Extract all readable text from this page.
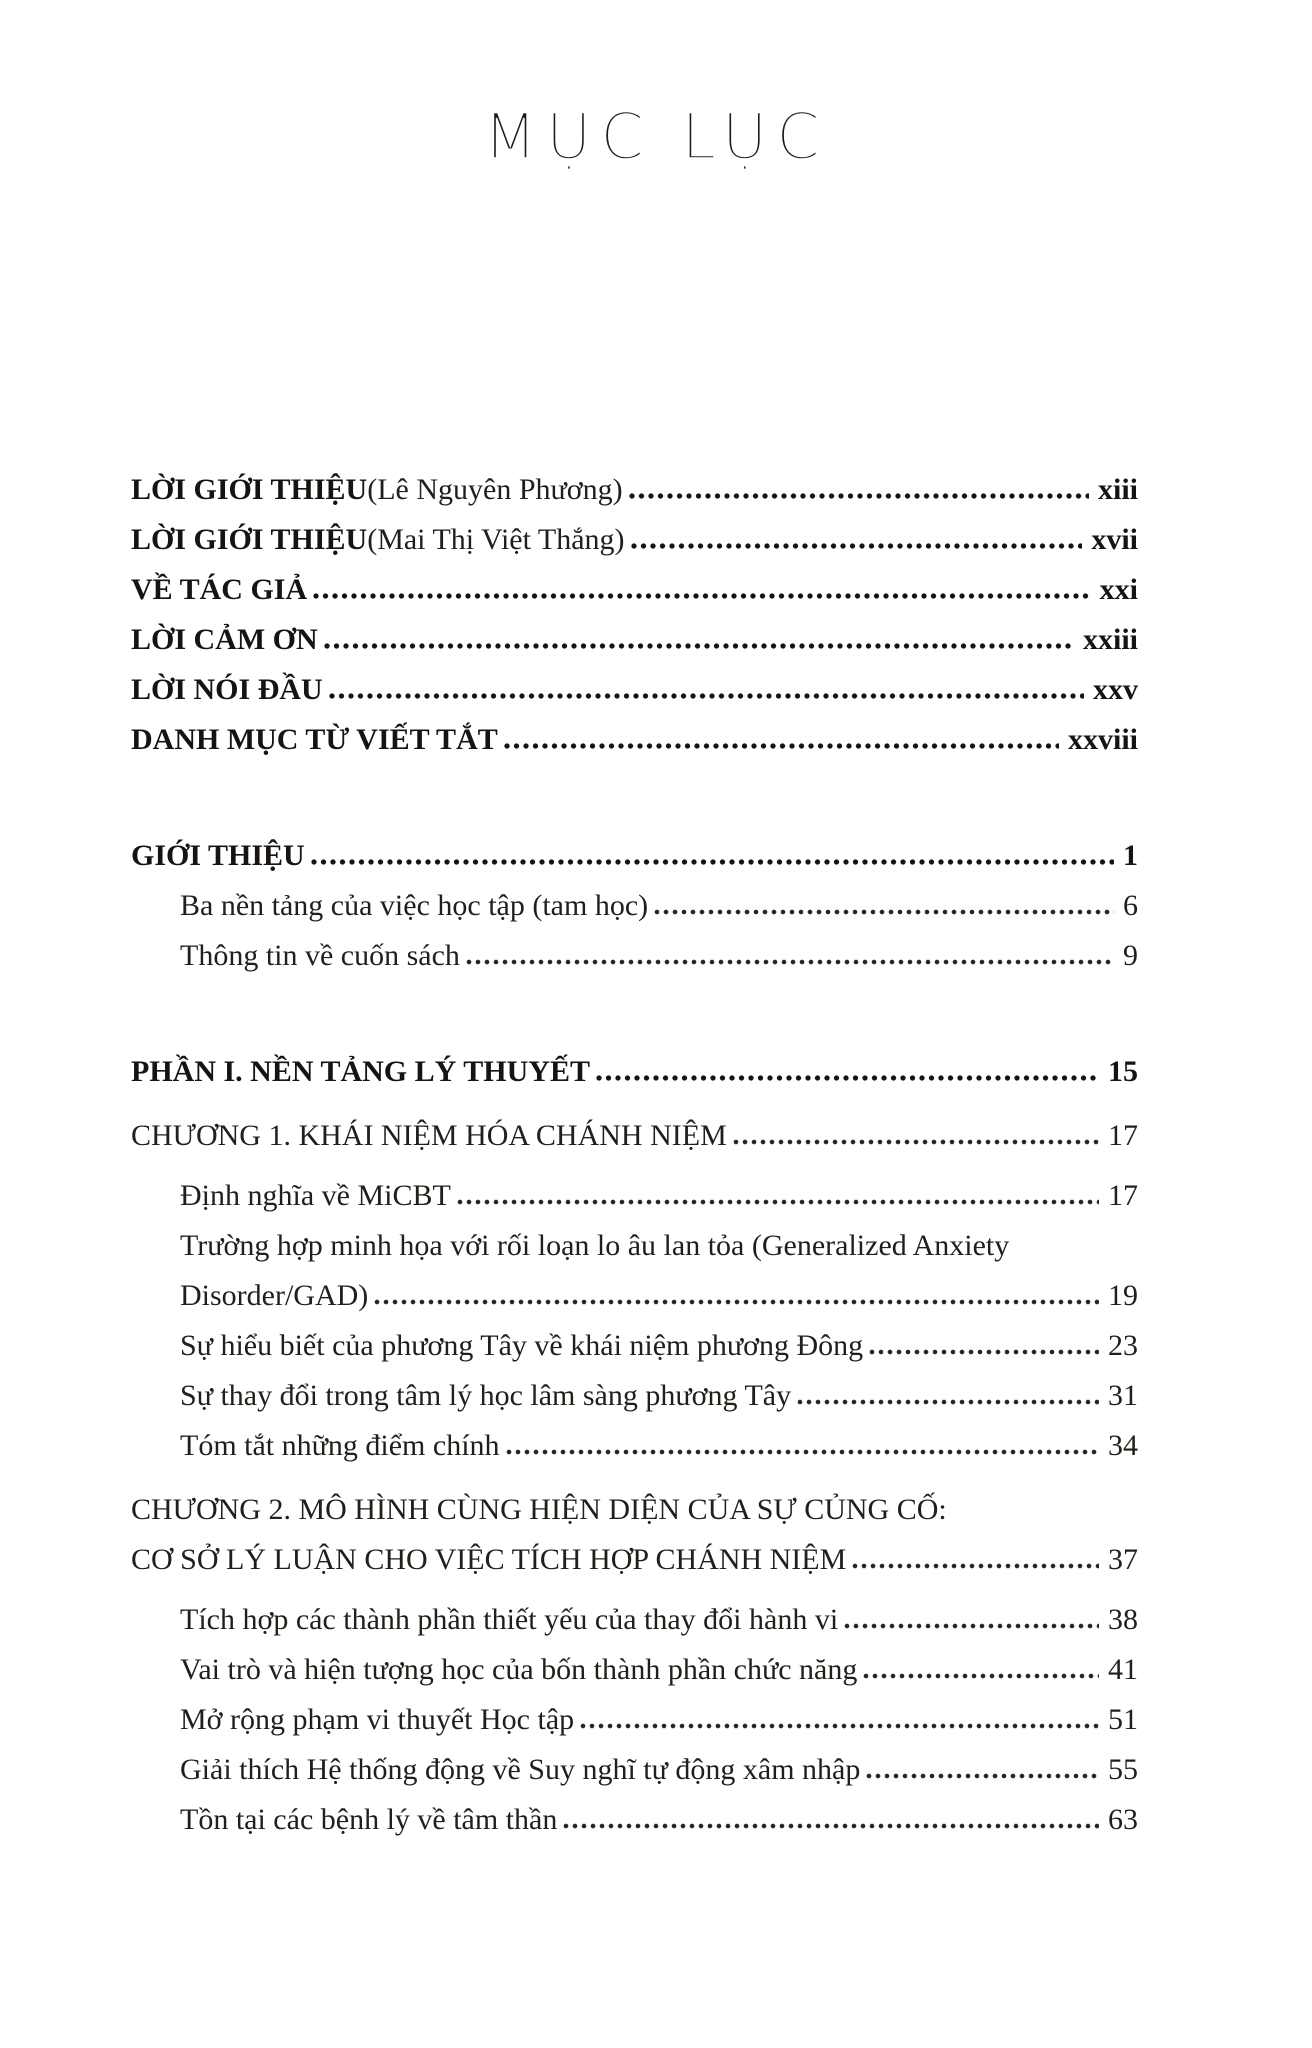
MỤC LỤC
LỜI GIỚI THIỆU (Lê Nguyên Phương)	xiii
LỜI GIỚI THIỆU (Mai Thị Việt Thắng)	xvii
VỀ TÁC GIẢ	xxi
LỜI CẢM ƠN	xxiii
LỜI NÓI ĐẦU	xxv
DANH MỤC TỪ VIẾT TẮT	xxviii
GIỚI THIỆU	1
Ba nền tảng của việc học tập (tam học)	6
Thông tin về cuốn sách	9
PHẦN I. NỀN TẢNG LÝ THUYẾT	15
CHƯƠNG 1. KHÁI NIỆM HÓA CHÁNH NIỆM	17
Định nghĩa về MiCBT	17
Trường hợp minh họa với rối loạn lo âu lan tỏa (Generalized Anxiety
Disorder/GAD)	19
Sự hiểu biết của phương Tây về khái niệm phương Đông	23
Sự thay đổi trong tâm lý học lâm sàng phương Tây	31
Tóm tắt những điểm chính	34
CHƯƠNG 2. MÔ HÌNH CÙNG HIỆN DIỆN CỦA SỰ CỦNG CỐ:
CƠ SỞ LÝ LUẬN CHO VIỆC TÍCH HỢP CHÁNH NIỆM	37
Tích hợp các thành phần thiết yếu của thay đổi hành vi	38
Vai trò và hiện tượng học của bốn thành phần chức năng	41
Mở rộng phạm vi thuyết Học tập	51
Giải thích Hệ thống động về Suy nghĩ tự động xâm nhập	55
Tồn tại các bệnh lý về tâm thần	63
